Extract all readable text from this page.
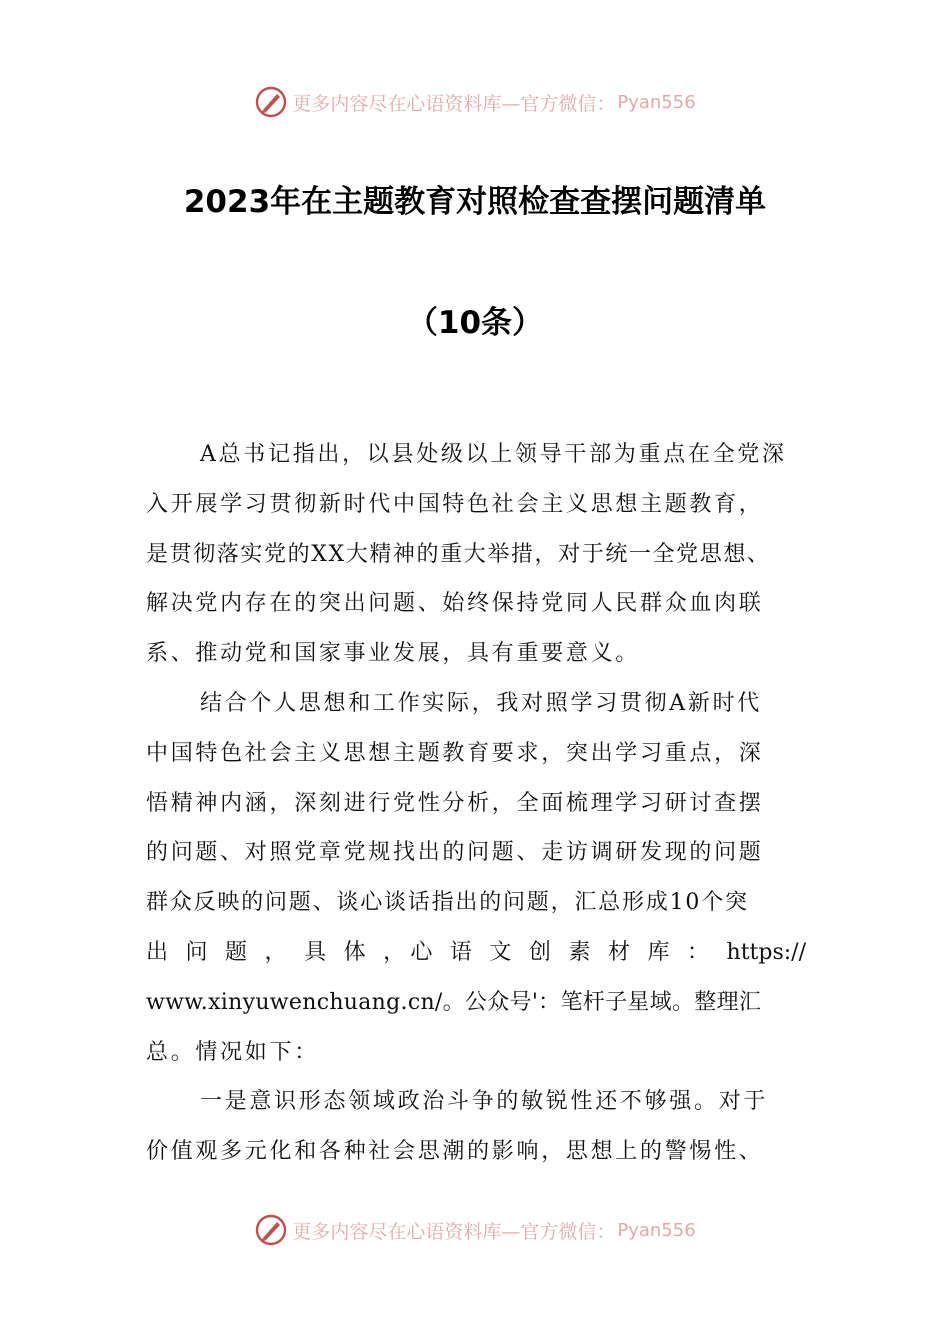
更多内容尽在心语资料库—官方微信： Pyan556
2023年在主题教育对照检查查摆问题清单
（10条）
A总书记指出，以县处级以上领导干部为重点在全党深
入开展学习贯彻新时代中国特色社会主义思想主题教育，
是贯彻落实党的XX大精神的重大举措，对于统一全党思想、
解决党内存在的突出问题、始终保持党同人民群众血肉联
系、推动党和国家事业发展，具有重要意义。
结合个人思想和工作实际，我对照学习贯彻A新时代
中国特色社会主义思想主题教育要求，突出学习重点，深
悟精神内涵，深刻进行党性分析，全面梳理学习研讨查摆
的问题、对照党章党规找出的问题、走访调研发现的问题
群众反映的问题、谈心谈话指出的问题，汇总形成10个突
出 问 题 ， 具 体 ，心 语 文 创 素 材 库 ： https://
www.xinyuwenchuang.cn/。公众号'：笔杆子星域。整理汇
总。情况如下：
一是意识形态领域政治斗争的敏锐性还不够强。对于
价值观多元化和各种社会思潮的影响，思想上的警惕性、
更多内容尽在心语资料库—官方微信： Pyan556
